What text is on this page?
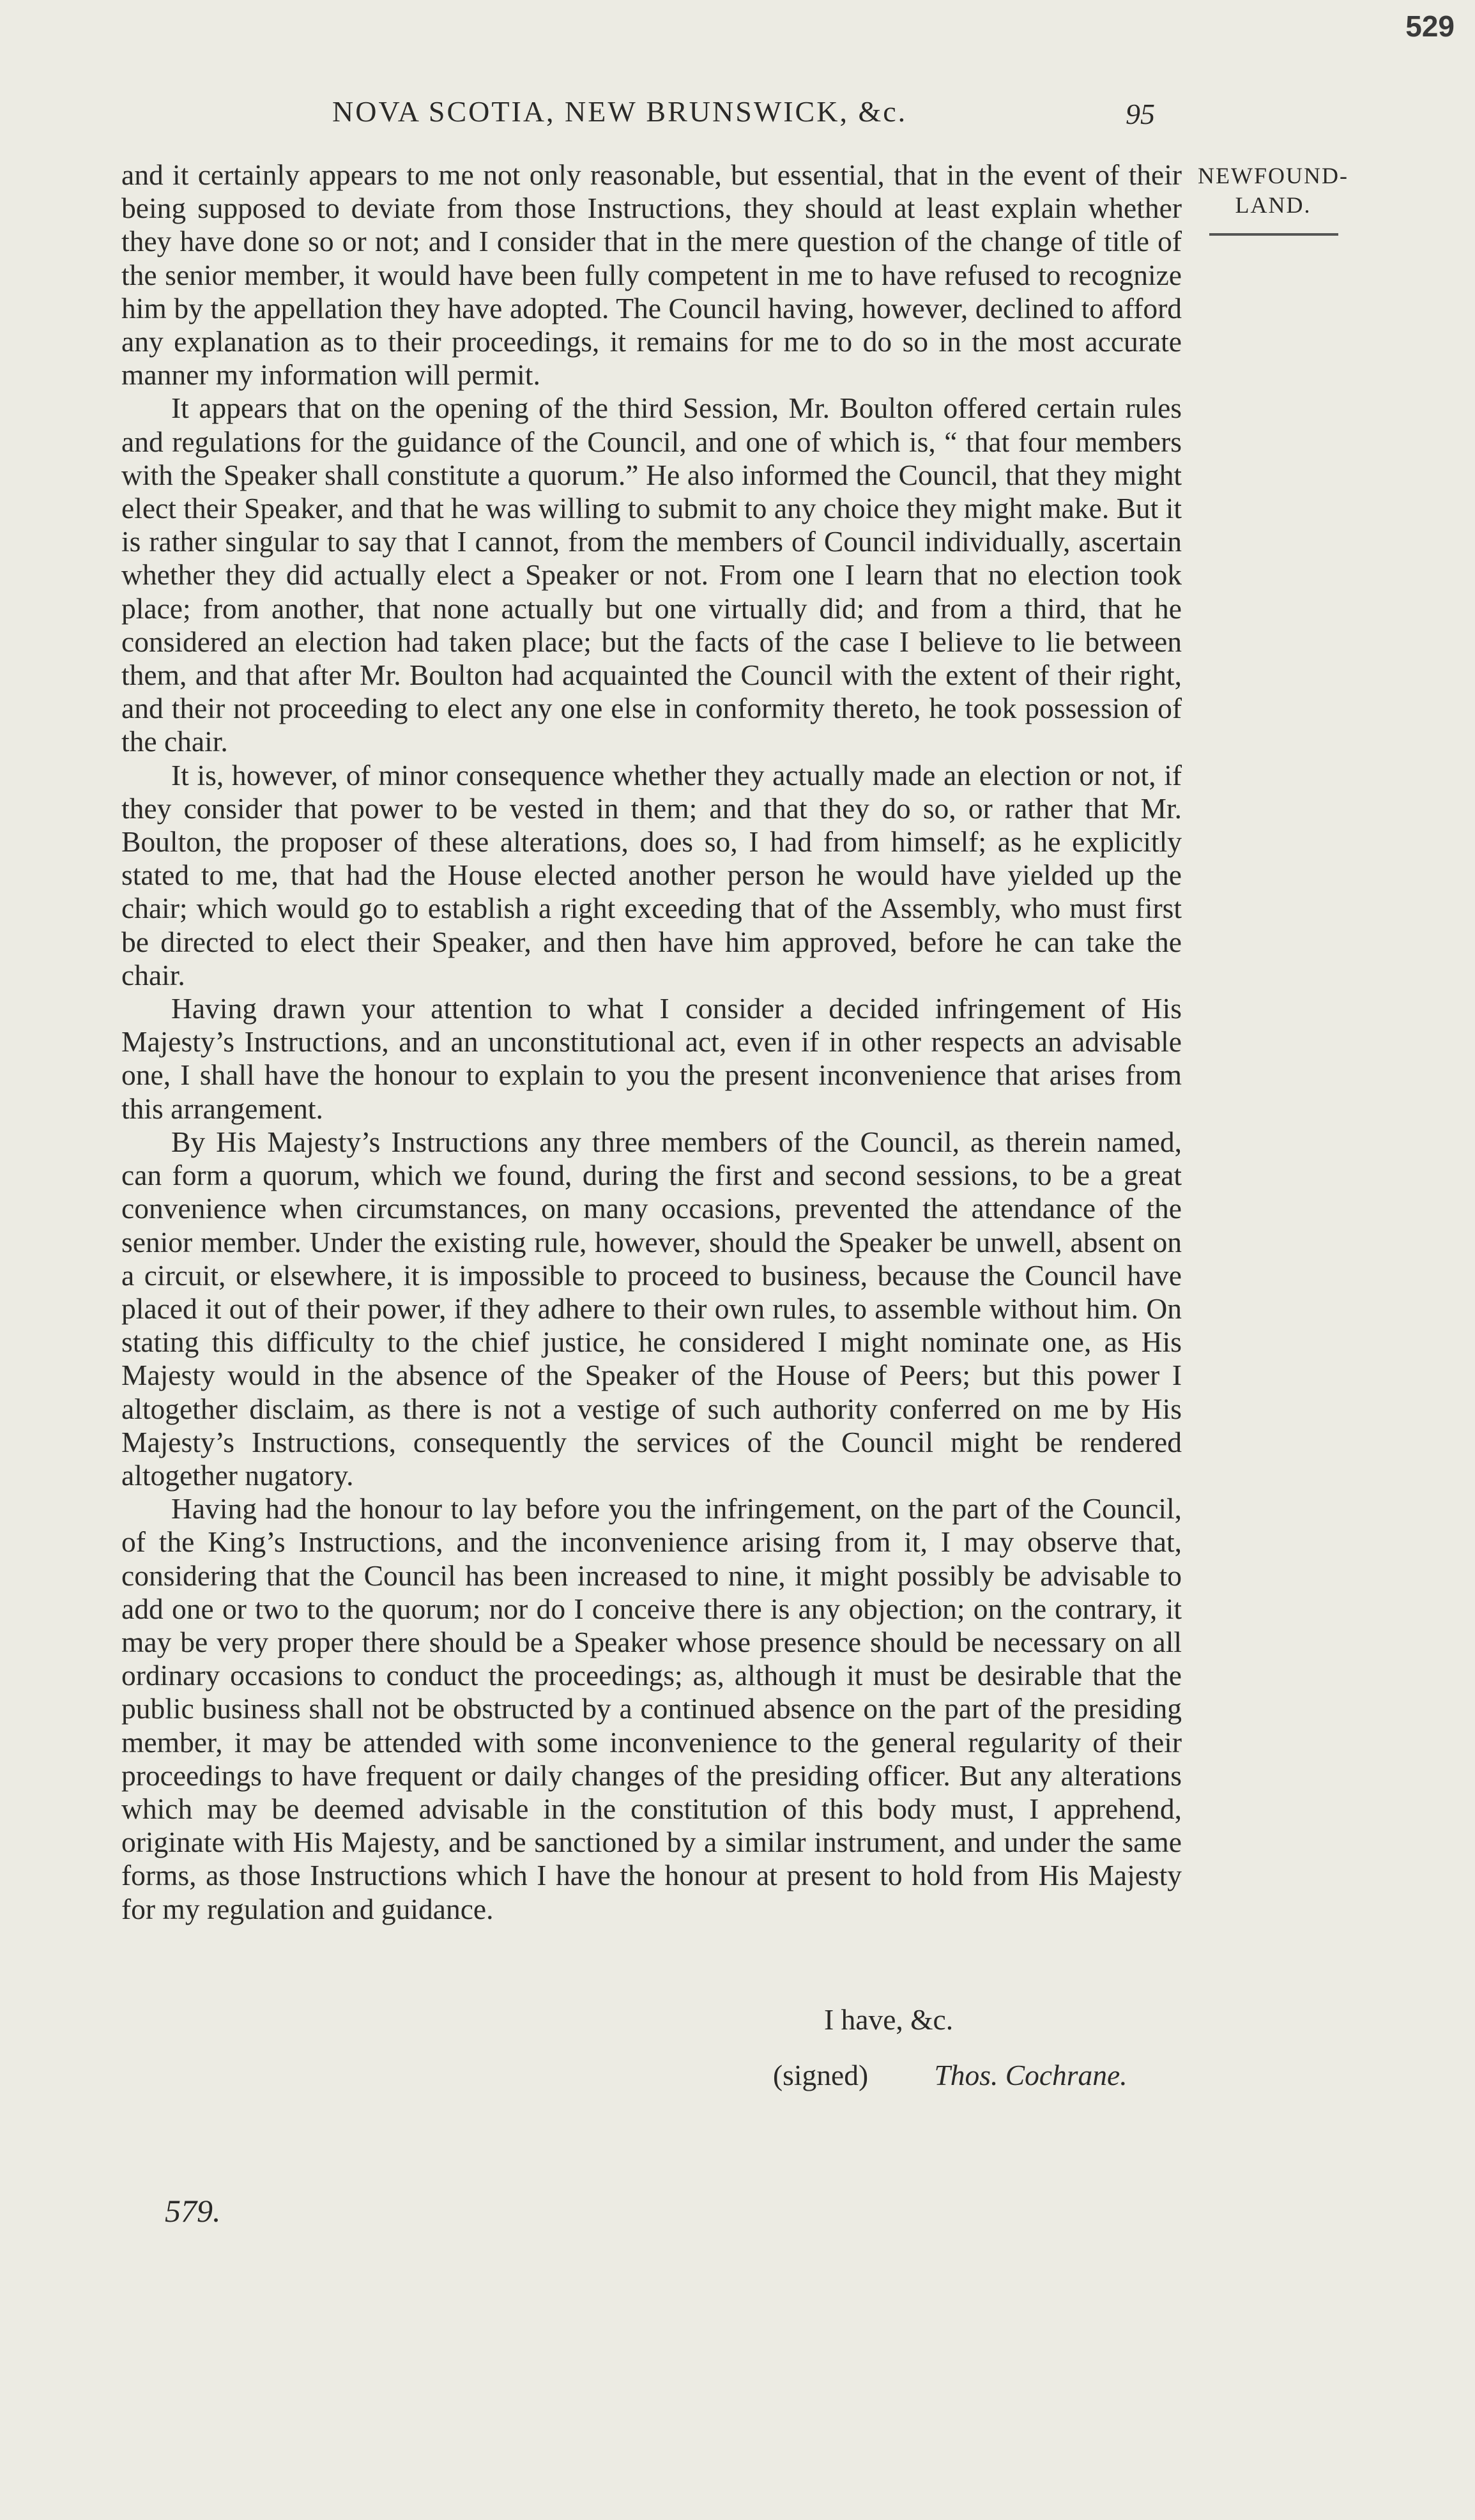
529
NOVA SCOTIA, NEW BRUNSWICK, &c.	95
NEWFOUND-
LAND.

and it certainly appears to me not only reasonable, but essential, that in the event of their being supposed to deviate from those Instructions, they should at least explain whether they have done so or not; and I consider that in the mere question of the change of title of the senior member, it would have been fully competent in me to have refused to recognize him by the appellation they have adopted. The Council having, however, declined to afford any explanation as to their proceedings, it remains for me to do so in the most accurate manner my information will permit.

It appears that on the opening of the third Session, Mr. Boulton offered certain rules and regulations for the guidance of the Council, and one of which is, “ that four members with the Speaker shall constitute a quorum.” He also informed the Council, that they might elect their Speaker, and that he was willing to submit to any choice they might make. But it is rather singular to say that I cannot, from the members of Council individually, ascertain whether they did actually elect a Speaker or not. From one I learn that no election took place; from another, that none actually but one virtually did; and from a third, that he considered an election had taken place; but the facts of the case I believe to lie between them, and that after Mr. Boulton had acquainted the Council with the extent of their right, and their not proceeding to elect any one else in conformity thereto, he took possession of the chair.

It is, however, of minor consequence whether they actually made an election or not, if they consider that power to be vested in them; and that they do so, or rather that Mr. Boulton, the proposer of these alterations, does so, I had from himself; as he explicitly stated to me, that had the House elected another person he would have yielded up the chair; which would go to establish a right exceeding that of the Assembly, who must first be directed to elect their Speaker, and then have him approved, before he can take the chair.

Having drawn your attention to what I consider a decided infringement of His Majesty’s Instructions, and an unconstitutional act, even if in other respects an advisable one, I shall have the honour to explain to you the present inconvenience that arises from this arrangement.

By His Majesty’s Instructions any three members of the Council, as therein named, can form a quorum, which we found, during the first and second sessions, to be a great convenience when circumstances, on many occasions, prevented the attendance of the senior member. Under the existing rule, however, should the Speaker be unwell, absent on a circuit, or elsewhere, it is impossible to proceed to business, because the Council have placed it out of their power, if they adhere to their own rules, to assemble without him. On stating this difficulty to the chief justice, he considered I might nominate one, as His Majesty would in the absence of the Speaker of the House of Peers; but this power I altogether disclaim, as there is not a vestige of such authority conferred on me by His Majesty’s Instructions, consequently the services of the Council might be rendered altogether nugatory.

Having had the honour to lay before you the infringement, on the part of the Council, of the King’s Instructions, and the inconvenience arising from it, I may observe that, considering that the Council has been increased to nine, it might possibly be advisable to add one or two to the quorum; nor do I conceive there is any objection; on the contrary, it may be very proper there should be a Speaker whose presence should be necessary on all ordinary occasions to conduct the proceedings; as, although it must be desirable that the public business shall not be obstructed by a continued absence on the part of the presiding member, it may be attended with some inconvenience to the general regularity of their proceedings to have frequent or daily changes of the presiding officer. But any alterations which may be deemed advisable in the constitution of this body must, I apprehend, originate with His Majesty, and be sanctioned by a similar instrument, and under the same forms, as those Instructions which I have the honour at present to hold from His Majesty for my regulation and guidance.

I have, &c.
(signed) Thos. Cochrane.
579.
